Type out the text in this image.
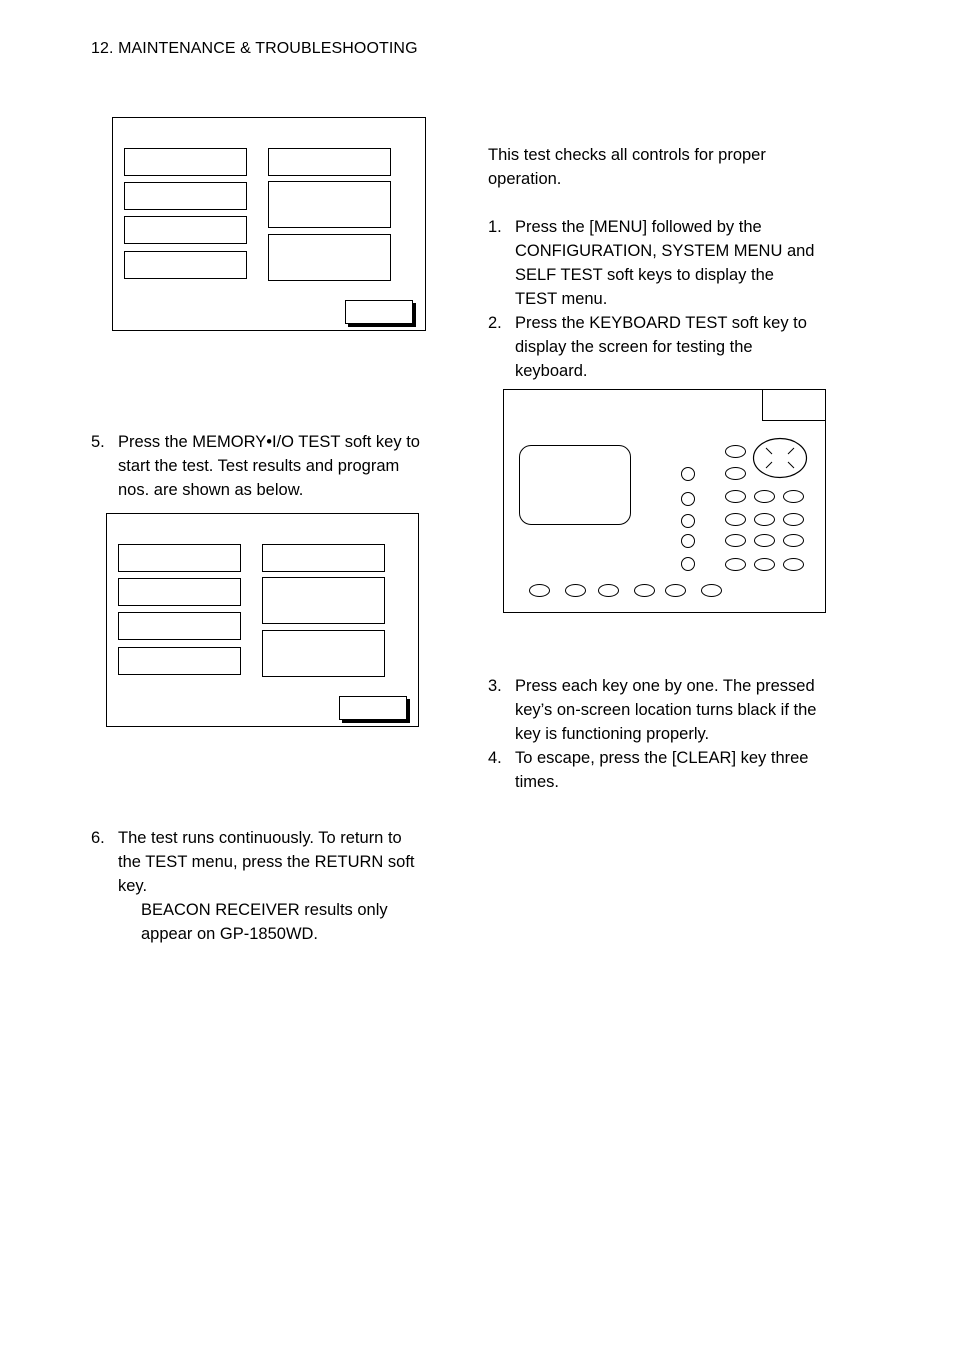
12. MAINTENANCE & TROUBLESHOOTING
5. Press the MEMORY•I/O TEST soft key to
start the test. Test results and program
nos. are shown as below.
6. The test runs continuously. To return to
the TEST menu, press the RETURN soft
key.
BEACON RECEIVER results only
appear on GP-1850WD.
This test checks all controls for proper
operation.
1. Press the [MENU] followed by the
CONFIGURATION, SYSTEM MENU and
SELF TEST soft keys to display the
TEST menu.
2. Press the KEYBOARD TEST soft key to
display the screen for testing the
keyboard.
3. Press each key one by one. The pressed
key’s on-screen location turns black if the
key is functioning properly.
4. To escape, press the [CLEAR] key three
times.
